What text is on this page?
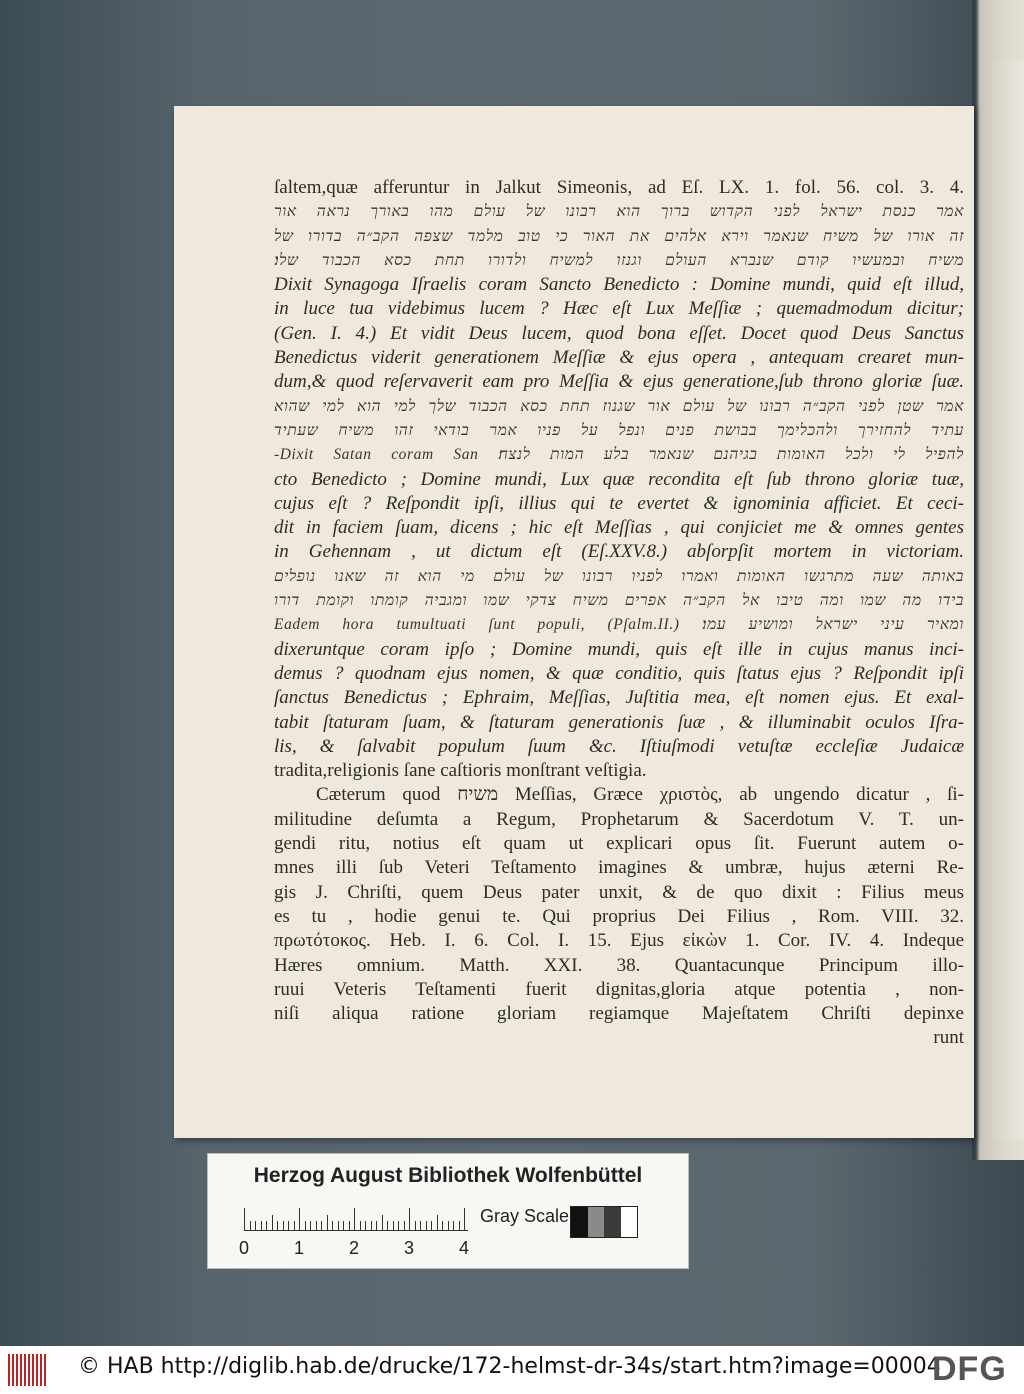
ſaltem,quæ afferuntur in Jalkut Simeonis, ad Eſ. LX. 1. fol. 56. col. 3. 4.
אמר כנסת ישראל לפני הקדוש ברוך הוא רבונו של עולם מהו באורך נראה אור
זה אורו של משיח שנאמר וירא אלהים את האור כי טוב מלמד שצפה הקב״ה בדורו של
משיח ובמעשיו קודם שנברא העולם וגנזו למשיח ולדורו תחת כסא הכבוד שלו׃
Dixit Synagoga Iſraelis coram Sancto Benedicto : Domine mundi, quid eſt illud,
in luce tua videbimus lucem ? Hæc eſt Lux Meſſiæ ; quemadmodum dicitur;
(Gen. I. 4.) Et vidit Deus lucem, quod bona eſſet. Docet quod Deus Sanctus
Benedictus viderit generationem Meſſiæ & ejus opera , antequam crearet mun-
dum,& quod reſervaverit eam pro Meſſia & ejus generatione,ſub throno gloriæ ſuæ.
אמר שטן לפני הקב״ה רבונו של עולם אור שגנוז תחת כסא הכבוד שלך למי הוא למי שהוא
עתיד להחזירך ולהכלימך בבושת פנים ונפל על פניו אמר בודאי זהו משיח שעתיד
להפיל לי ולכל האומות בגיהנם שנאמר בלע המות לנצח׃ Dixit Satan coram San-
cto Benedicto ; Domine mundi, Lux quæ recondita eſt ſub throno gloriæ tuæ,
cujus eſt ? Reſpondit ipſi, illius qui te evertet & ignominia afficiet. Et ceci-
dit in faciem ſuam, dicens ; hic eſt Meſſias , qui conjiciet me & omnes gentes
in Gehennam , ut dictum eſt (Eſ.XXV.8.) abſorpſit mortem in victoriam.
באותה שעה מתרגשו האומות ואמרו לפניו רבונו של עולם מי הוא זה שאנו נופלים
בידו מה שמו ומה טיבו אל הקב״ה אפרים משיח צדקי שמו ומגביה קומתו וקומת דורו
ומאיר עיני ישראל ומושיע עמו׃ Eadem hora tumultuati ſunt populi, (Pſalm.II.)
dixeruntque coram ipſo ; Domine mundi, quis eſt ille in cujus manus inci-
demus ? quodnam ejus nomen, & quæ conditio, quis ſtatus ejus ? Reſpondit ipſi
ſanctus Benedictus ; Ephraim, Meſſias, Juſtitia mea, eſt nomen ejus. Et exal-
tabit ſtaturam ſuam, & ſtaturam generationis ſuæ , & illuminabit oculos Iſra-
lis, & ſalvabit populum ſuum &c. Iſtiuſmodi vetuſtæ eccleſiæ Judaicæ
tradita,religionis ſane caſtioris monſtrant veſtigia.
Cæterum quod משיח Meſſias, Græce χριστὸς, ab ungendo dicatur , ſi-
militudine deſumta a Regum, Prophetarum & Sacerdotum V. T. un-
gendi ritu, notius eſt quam ut explicari opus ſit. Fuerunt autem o-
mnes illi ſub Veteri Teſtamento imagines & umbræ, hujus æterni Re-
gis J. Chriſti, quem Deus pater unxit, & de quo dixit : Filius meus
es tu , hodie genui te. Qui proprius Dei Filius , Rom. VIII. 32.
πρωτότοκος. Heb. I. 6. Col. I. 15. Ejus εἰκὼν 1. Cor. IV. 4. Indeque
Hæres omnium. Matth. XXI. 38. Quantacunque Principum illo-
ruui Veteris Teſtamenti fuerit dignitas,gloria atque potentia , non-
niſi aliqua ratione gloriam regiamque Majeſtatem Chriſti depinxe
runt
Herzog August Bibliothek Wolfenbüttel
0 1 2 3 4
Gray Scale
© HAB http://diglib.hab.de/drucke/172-helmst-dr-34s/start.htm?image=00004
DFG
